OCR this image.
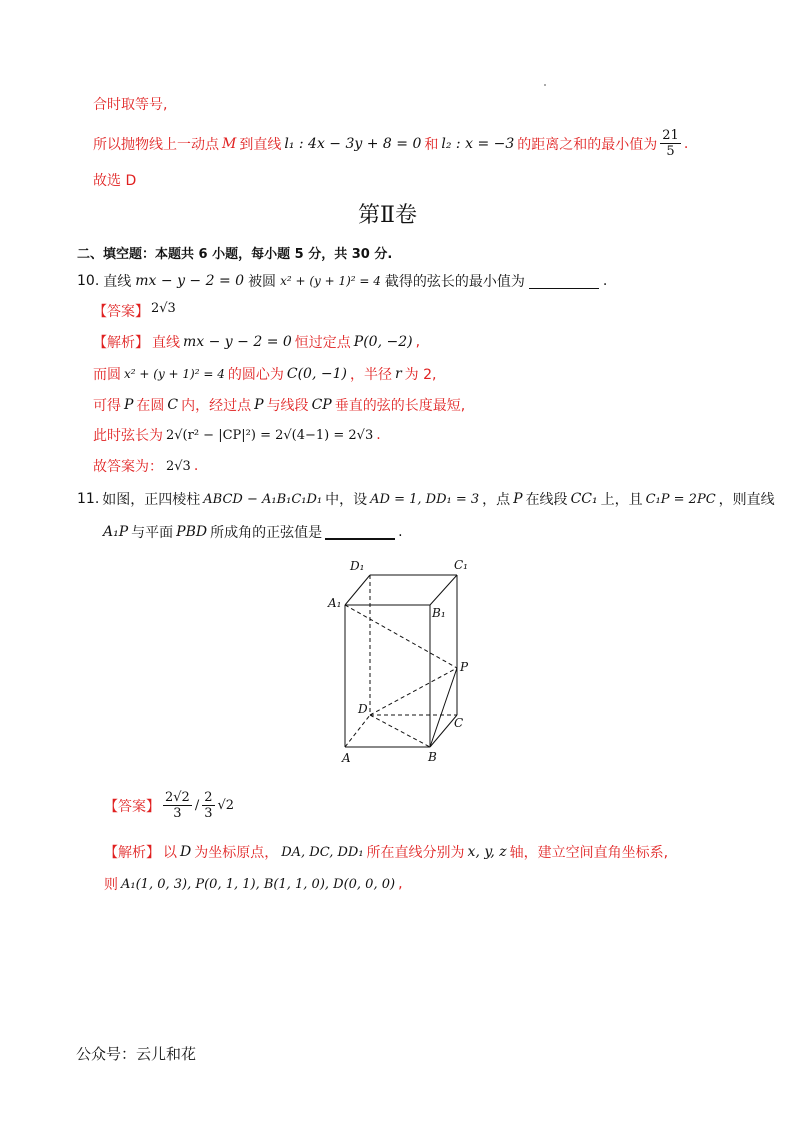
合时取等号,
所以抛物线上一动点 M 到直线 l₁ : 4x − 3y + 8 = 0 和 l₂ : x = −3 的距离之和的最小值为 $\frac{21}{5}$ .
故选 D
第Ⅱ卷
二、填空题：本题共 6 小题，每小题 5 分，共 30 分.
10. 直线 mx − y − 2 = 0 被圆 x² + (y + 1)² = 4 截得的弦长的最小值为	.
【答案】 2√3
【解析】 直线 mx − y − 2 = 0 恒过定点 P(0, −2) ,
而圆 x² + (y + 1)² = 4 的圆心为 C(0, −1) ，半径 r 为 2,
可得 P 在圆 C 内，经过点 P 与线段 CP 垂直的弦的长度最短,
此时弦长为 2√(r² − |CP|²) = 2√(4−1) = 2√3 .
故答案为： 2√3 .
11. 如图，正四棱柱 ABCD − A₁B₁C₁D₁ 中，设 AD = 1, DD₁ = 3 ，点 P 在线段 CC₁ 上，且 C₁P = 2PC ，则直线
A₁P 与平面 PBD 所成角的正弦值是	.
D₁	C₁
A₁
B₁
P
D
C
A	B
【答案】 $\frac{2√2}{3} / \frac{2}{3} √2$
【解析】 以 D 为坐标原点， DA, DC, DD₁ 所在直线分别为 x, y, z 轴，建立空间直角坐标系,
则 A₁(1, 0, 3), P(0, 1, 1), B(1, 1, 0), D(0, 0, 0) ,
公众号：云儿和花
